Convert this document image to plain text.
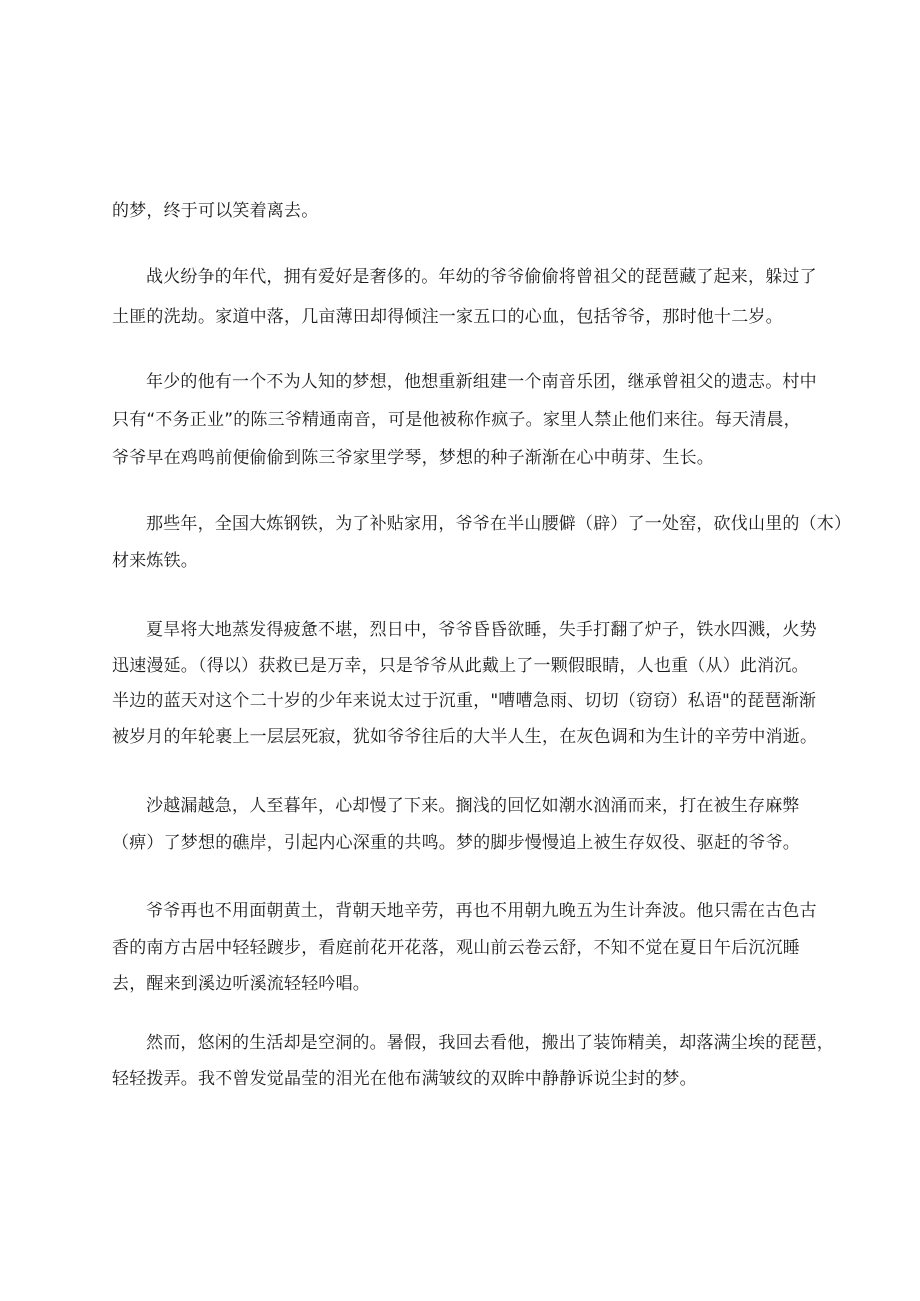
的梦，终于可以笑着离去。
战火纷争的年代，拥有爱好是奢侈的。年幼的爷爷偷偷将曾祖父的琵琶藏了起来，躲过了
土匪的洗劫。家道中落，几亩薄田却得倾注一家五口的心血，包括爷爷，那时他十二岁。
年少的他有一个不为人知的梦想，他想重新组建一个南音乐团，继承曾祖父的遗志。村中
只有“不务正业”的陈三爷精通南音，可是他被称作疯子。家里人禁止他们来往。每天清晨，
爷爷早在鸡鸣前便偷偷到陈三爷家里学琴，梦想的种子渐渐在心中萌芽、生长。
那些年，全国大炼钢铁，为了补贴家用，爷爷在半山腰僻（辟）了一处窑，砍伐山里的（木）
材来炼铁。
夏旱将大地蒸发得疲惫不堪，烈日中，爷爷昏昏欲睡，失手打翻了炉子，铁水四溅，火势
迅速漫延。（得以）获救已是万幸，只是爷爷从此戴上了一颗假眼睛，人也重（从）此消沉。
半边的蓝天对这个二十岁的少年来说太过于沉重，"嘈嘈急雨、切切（窃窃）私语"的琵琶渐渐
被岁月的年轮裹上一层层死寂，犹如爷爷往后的大半人生，在灰色调和为生计的辛劳中消逝。
沙越漏越急，人至暮年，心却慢了下来。搁浅的回忆如潮水汹涌而来，打在被生存麻弊
（痹）了梦想的礁岸，引起内心深重的共鸣。梦的脚步慢慢追上被生存奴役、驱赶的爷爷。
爷爷再也不用面朝黄土，背朝天地辛劳，再也不用朝九晚五为生计奔波。他只需在古色古
香的南方古居中轻轻踱步，看庭前花开花落，观山前云卷云舒，不知不觉在夏日午后沉沉睡
去，醒来到溪边听溪流轻轻吟唱。
然而，悠闲的生活却是空洞的。暑假，我回去看他，搬出了装饰精美，却落满尘埃的琵琶，
轻轻拨弄。我不曾发觉晶莹的泪光在他布满皱纹的双眸中静静诉说尘封的梦。
